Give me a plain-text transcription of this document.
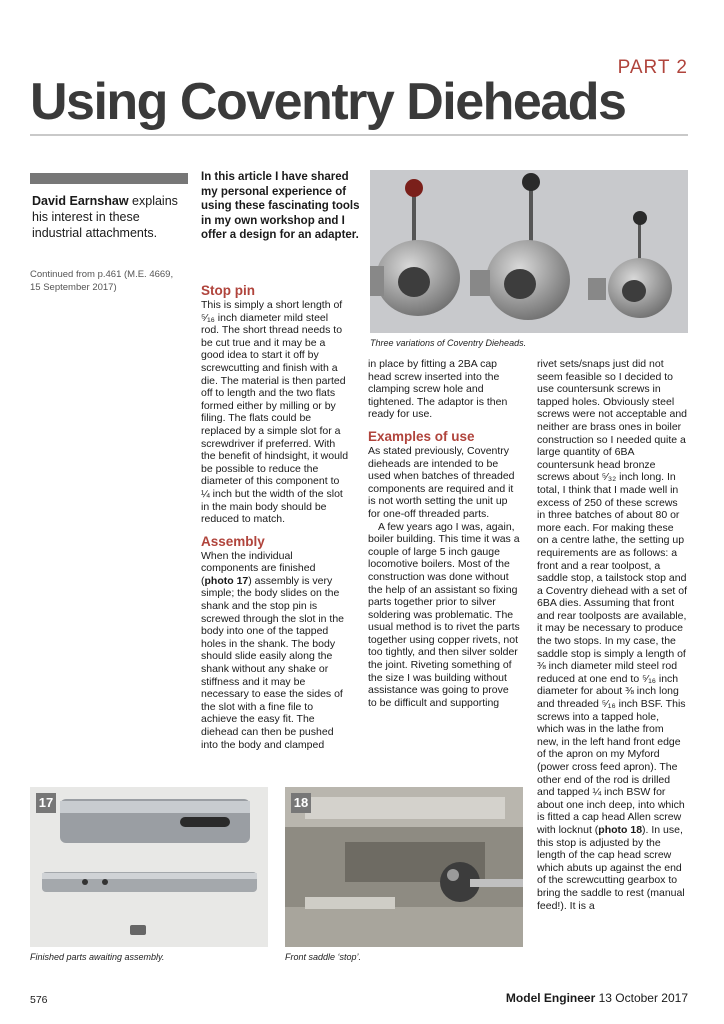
PART 2
Using Coventry Dieheads
David Earnshaw explains his interest in these industrial attachments.
Continued from p.461 (M.E. 4669, 15 September 2017)
In this article I have shared my personal experience of using these fascinating tools in my own workshop and I offer a design for an adapter.
Three variations of Coventry Dieheads.

Stop pin

This is simply a short length of ⁵⁄₁₆ inch diameter mild steel rod. The short thread needs to be cut true and it may be a good idea to start it off by screwcutting and finish with a die. The material is then parted off to length and the two flats formed either by milling or by filing. The flats could be replaced by a simple slot for a screwdriver if preferred. With the benefit of hindsight, it would be possible to reduce the diameter of this component to ¼ inch but the width of the slot in the main body should be reduced to match.

Assembly

When the individual components are finished (photo 17) assembly is very simple; the body slides on the shank and the stop pin is screwed through the slot in the body into one of the tapped holes in the shank. The body should slide easily along the shank without any shake or stiffness and it may be necessary to ease the sides of the slot with a fine file to achieve the easy fit. The diehead can then be pushed into the body and clamped

in place by fitting a 2BA cap head screw inserted into the clamping screw hole and tightened. The adaptor is then ready for use.

Examples of use

As stated previously, Coventry dieheads are intended to be used when batches of threaded components are required and it is not worth setting the unit up for one-off threaded parts.

A few years ago I was, again, boiler building. This time it was a couple of large 5 inch gauge locomotive boilers. Most of the construction was done without the help of an assistant so fixing parts together prior to silver soldering was problematic. The usual method is to rivet the parts together using copper rivets, not too tightly, and then silver solder the joint. Riveting something of the size I was building without assistance was going to prove to be difficult and supporting

rivet sets/snaps just did not seem feasible so I decided to use countersunk screws in tapped holes. Obviously steel screws were not acceptable and neither are brass ones in boiler construction so I needed quite a large quantity of 6BA countersunk head bronze screws about ⁵⁄₃₂ inch long. In total, I think that I made well in excess of 250 of these screws in three batches of about 80 or more each. For making these on a centre lathe, the setting up requirements are as follows: a front and a rear toolpost, a saddle stop, a tailstock stop and a Coventry diehead with a set of 6BA dies. Assuming that front and rear toolposts are available, it may be necessary to produce the two stops. In my case, the saddle stop is simply a length of ⅜ inch diameter mild steel rod reduced at one end to ⁵⁄₁₆ inch diameter for about ⅜ inch long and threaded ⁵⁄₁₆ inch BSF. This screws into a tapped hole, which was in the lathe from new, in the left hand front edge of the apron on my Myford (power cross feed apron). The other end of the rod is drilled and tapped ¼ inch BSW for about one inch deep, into which is fitted a cap head Allen screw with locknut (photo 18). In use, this stop is adjusted by the length of the cap head screw which abuts up against the end of the screwcutting gearbox to bring the saddle to rest (manual feed!). It is a

17
Finished parts awaiting assembly.
18
Front saddle ‘stop’.
576	Model Engineer 13 October 2017
